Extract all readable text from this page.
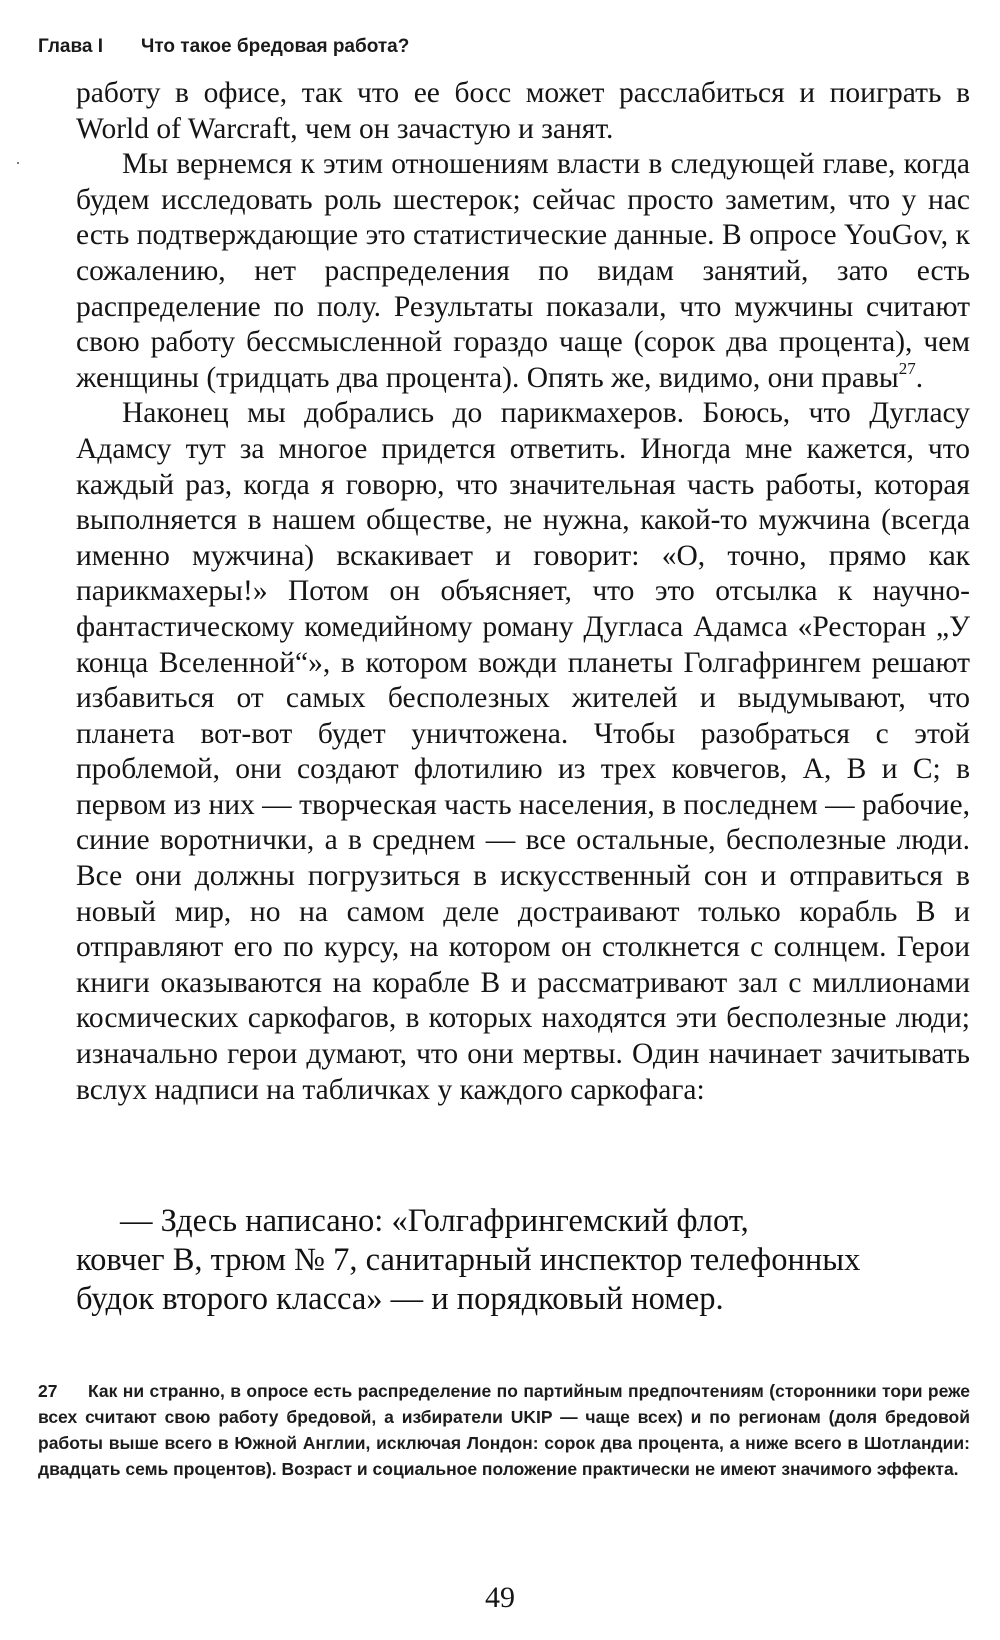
Глава I Что такое бредовая работа?

работу в офисе, так что ее босс может расслабиться и поиграть в World of Warcraft, чем он зачастую и занят.

Мы вернемся к этим отношениям власти в следующей главе, когда будем исследовать роль шестерок; сейчас просто заметим, что у нас есть подтверждающие это статистические данные. В опросе YouGov, к сожалению, нет распределения по видам занятий, зато есть распределение по полу. Результаты показали, что мужчины считают свою работу бессмысленной гораздо чаще (сорок два процента), чем женщины (тридцать два процента). Опять же, видимо, они правы$^{27}$.

Наконец мы добрались до парикмахеров. Боюсь, что Дугласу Адамсу тут за многое придется ответить. Иногда мне кажется, что каждый раз, когда я говорю, что значительная часть работы, которая выполняется в нашем обществе, не нужна, какой-то мужчина (всегда именно мужчина) вскакивает и говорит: «О, точно, прямо как парикмахеры!» Потом он объясняет, что это отсылка к научно-фантастическому комедийному роману Дугласа Адамса «Ресторан „У конца Вселенной“», в котором вожди планеты Голгафрингем решают избавиться от самых бесполезных жителей и выдумывают, что планета вот-вот будет уничтожена. Чтобы разобраться с этой проблемой, они создают флотилию из трех ковчегов, А, В и С; в первом из них — творческая часть населения, в последнем — рабочие, синие воротнички, а в среднем — все остальные, бесполезные люди. Все они должны погрузиться в искусственный сон и отправиться в новый мир, но на самом деле достраивают только корабль В и отправляют его по курсу, на котором он столкнется с солнцем. Герои книги оказываются на корабле В и рассматривают зал с миллионами космических саркофагов, в которых находятся эти бесполезные люди; изначально герои думают, что они мертвы. Один начинает зачитывать вслух надписи на табличках у каждого саркофага:

— Здесь написано: «Голгафрингемский флот,
ковчег В, трюм № 7, санитарный инспектор телефонных
будок второго класса» — и порядковый номер.
27 Как ни странно, в опросе есть распределение по партийным предпочтениям (сторонники тори реже всех считают свою работу бредовой, а избиратели UKIP — чаще всех) и по регионам (доля бредовой работы выше всего в Южной Англии, исключая Лондон: сорок два процента, а ниже всего в Шотландии: двадцать семь процентов). Возраст и социальное положение практически не имеют значимого эффекта.
49
